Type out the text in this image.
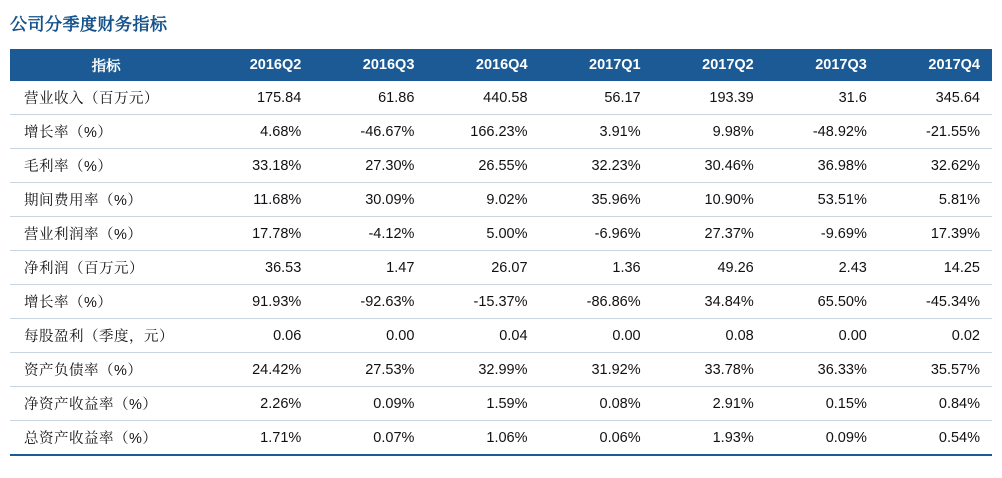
公司分季度财务指标
指标	2016Q2	2016Q3	2016Q4	2017Q1	2017Q2	2017Q3	2017Q4
营业收入（百万元）	175.84	61.86	440.58	56.17	193.39	31.6	345.64
增长率（%）	4.68%	-46.67%	166.23%	3.91%	9.98%	-48.92%	-21.55%
毛利率（%）	33.18%	27.30%	26.55%	32.23%	30.46%	36.98%	32.62%
期间费用率（%）	11.68%	30.09%	9.02%	35.96%	10.90%	53.51%	5.81%
营业利润率（%）	17.78%	-4.12%	5.00%	-6.96%	27.37%	-9.69%	17.39%
净利润（百万元）	36.53	1.47	26.07	1.36	49.26	2.43	14.25
增长率（%）	91.93%	-92.63%	-15.37%	-86.86%	34.84%	65.50%	-45.34%
每股盈利（季度，元）	0.06	0.00	0.04	0.00	0.08	0.00	0.02
资产负债率（%）	24.42%	27.53%	32.99%	31.92%	33.78%	36.33%	35.57%
净资产收益率（%）	2.26%	0.09%	1.59%	0.08%	2.91%	0.15%	0.84%
总资产收益率（%）	1.71%	0.07%	1.06%	0.06%	1.93%	0.09%	0.54%
